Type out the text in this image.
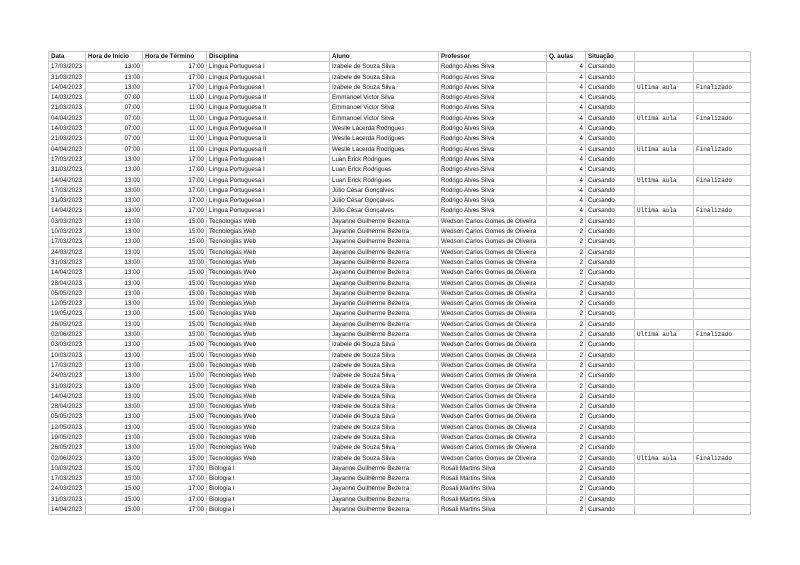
Data	Hora de Início	Hora de Término	Disciplina	Aluno	Professor	Q. aulas	Situação		
17/03/2023	13:00	17:00	Língua Portuguesa I	Izabele de Souza Silva	Rodrigo Alves Silva	4	Cursando		
31/03/2023	13:00	17:00	Língua Portuguesa I	Izabele de Souza Silva	Rodrigo Alves Silva	4	Cursando		
14/04/2023	13:00	17:00	Língua Portuguesa I	Izabele de Souza Silva	Rodrigo Alves Silva	4	Cursando	Ultima aula	Finalizado
14/03/2023	07:00	11:00	Língua Portuguesa II	Emmanoel Victor Silva	Rodrigo Alves Silva	4	Cursando		
21/03/2023	07:00	11:00	Língua Portuguesa II	Emmanoel Victor Silva	Rodrigo Alves Silva	4	Cursando		
04/04/2023	07:00	11:00	Língua Portuguesa II	Emmanoel Victor Silva	Rodrigo Alves Silva	4	Cursando	Ultima aula	Finalizado
14/03/2023	07:00	11:00	Língua Portuguesa II	Weslle Lacerda Rodrigues	Rodrigo Alves Silva	4	Cursando		
21/03/2023	07:00	11:00	Língua Portuguesa II	Weslle Lacerda Rodrigues	Rodrigo Alves Silva	4	Cursando		
04/04/2023	07:00	11:00	Língua Portuguesa II	Weslle Lacerda Rodrigues	Rodrigo Alves Silva	4	Cursando	Ultima aula	Finalizado
17/03/2023	13:00	17:00	Língua Portuguesa I	Luan Erick Rodrigues	Rodrigo Alves Silva	4	Cursando		
31/03/2023	13:00	17:00	Língua Portuguesa I	Luan Erick Rodrigues	Rodrigo Alves Silva	4	Cursando		
14/04/2023	13:00	17:00	Língua Portuguesa I	Luan Erick Rodrigues	Rodrigo Alves Silva	4	Cursando	Ultima aula	Finalizado
17/03/2023	13:00	17:00	Língua Portuguesa I	Júlio César Gonçalves	Rodrigo Alves Silva	4	Cursando		
31/03/2023	13:00	17:00	Língua Portuguesa I	Júlio César Gonçalves	Rodrigo Alves Silva	4	Cursando		
14/04/2023	13:00	17:00	Língua Portuguesa I	Júlio César Gonçalves	Rodrigo Alves Silva	4	Cursando	Ultima aula	Finalizado
03/03/2023	13:00	15:00	Tecnologias Web	Jayanne Guilherme Bezerra	Wedson Carlos Gomes de Oliveira	2	Cursando		
10/03/2023	13:00	15:00	Tecnologias Web	Jayanne Guilherme Bezerra	Wedson Carlos Gomes de Oliveira	2	Cursando		
17/03/2023	13:00	15:00	Tecnologias Web	Jayanne Guilherme Bezerra	Wedson Carlos Gomes de Oliveira	2	Cursando		
24/03/2023	13:00	15:00	Tecnologias Web	Jayanne Guilherme Bezerra	Wedson Carlos Gomes de Oliveira	2	Cursando		
31/03/2023	13:00	15:00	Tecnologias Web	Jayanne Guilherme Bezerra	Wedson Carlos Gomes de Oliveira	2	Cursando		
14/04/2023	13:00	15:00	Tecnologias Web	Jayanne Guilherme Bezerra	Wedson Carlos Gomes de Oliveira	2	Cursando		
28/04/2023	13:00	15:00	Tecnologias Web	Jayanne Guilherme Bezerra	Wedson Carlos Gomes de Oliveira	2	Cursando		
05/05/2023	13:00	15:00	Tecnologias Web	Jayanne Guilherme Bezerra	Wedson Carlos Gomes de Oliveira	2	Cursando		
12/05/2023	13:00	15:00	Tecnologias Web	Jayanne Guilherme Bezerra	Wedson Carlos Gomes de Oliveira	2	Cursando		
19/05/2023	13:00	15:00	Tecnologias Web	Jayanne Guilherme Bezerra	Wedson Carlos Gomes de Oliveira	2	Cursando		
26/05/2023	13:00	15:00	Tecnologias Web	Jayanne Guilherme Bezerra	Wedson Carlos Gomes de Oliveira	2	Cursando		
02/06/2023	13:00	15:00	Tecnologias Web	Jayanne Guilherme Bezerra	Wedson Carlos Gomes de Oliveira	2	Cursando	Ultima aula	Finalizado
03/03/2023	13:00	15:00	Tecnologias Web	Izabele de Souza Silva	Wedson Carlos Gomes de Oliveira	2	Cursando		
10/03/2023	13:00	15:00	Tecnologias Web	Izabele de Souza Silva	Wedson Carlos Gomes de Oliveira	2	Cursando		
17/03/2023	13:00	15:00	Tecnologias Web	Izabele de Souza Silva	Wedson Carlos Gomes de Oliveira	2	Cursando		
24/03/2023	13:00	15:00	Tecnologias Web	Izabele de Souza Silva	Wedson Carlos Gomes de Oliveira	2	Cursando		
31/03/2023	13:00	15:00	Tecnologias Web	Izabele de Souza Silva	Wedson Carlos Gomes de Oliveira	2	Cursando		
14/04/2023	13:00	15:00	Tecnologias Web	Izabele de Souza Silva	Wedson Carlos Gomes de Oliveira	2	Cursando		
28/04/2023	13:00	15:00	Tecnologias Web	Izabele de Souza Silva	Wedson Carlos Gomes de Oliveira	2	Cursando		
05/05/2023	13:00	15:00	Tecnologias Web	Izabele de Souza Silva	Wedson Carlos Gomes de Oliveira	2	Cursando		
12/05/2023	13:00	15:00	Tecnologias Web	Izabele de Souza Silva	Wedson Carlos Gomes de Oliveira	2	Cursando		
19/05/2023	13:00	15:00	Tecnologias Web	Izabele de Souza Silva	Wedson Carlos Gomes de Oliveira	2	Cursando		
26/05/2023	13:00	15:00	Tecnologias Web	Izabele de Souza Silva	Wedson Carlos Gomes de Oliveira	2	Cursando		
02/06/2023	13:00	15:00	Tecnologias Web	Izabele de Souza Silva	Wedson Carlos Gomes de Oliveira	2	Cursando	Ultima aula	Finalizado
10/03/2023	15:00	17:00	Biologia I	Jayanne Guilherme Bezerra	Rosali Martins Silva	2	Cursando		
17/03/2023	15:00	17:00	Biologia I	Jayanne Guilherme Bezerra	Rosali Martins Silva	2	Cursando		
24/03/2023	15:00	17:00	Biologia I	Jayanne Guilherme Bezerra	Rosali Martins Silva	2	Cursando		
31/03/2023	15:00	17:00	Biologia I	Jayanne Guilherme Bezerra	Rosali Martins Silva	2	Cursando		
14/04/2023	15:00	17:00	Biologia I	Jayanne Guilherme Bezerra	Rosali Martins Silva	2	Cursando		
